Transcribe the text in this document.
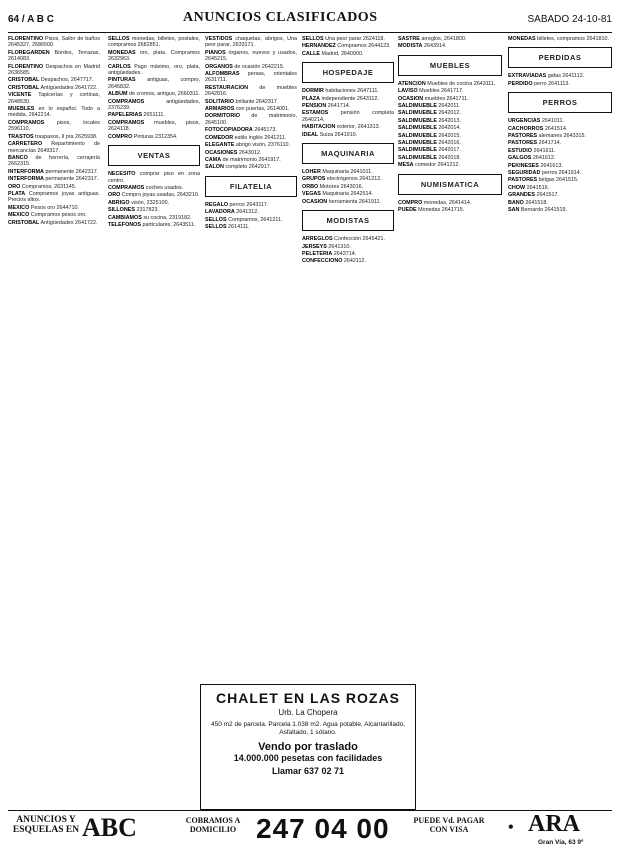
64 / A B C	ANUNCIOS CLASIFICADOS	SABADO 24-10-81

FLORENTINO Pisos, Salón de baños 2645327, 2686500.

FLOREGARDEN Bordes, Terrazas, 2614083.

FLORENTINO Despachos en Madrid 2636585.

CRISTOBAL Despachos, 2647717.

CRISTOBAL Antigüedades 2641722.

VICENTE Tapicerías y cortinas, 2648530.

MUEBLES en lo español. Todo a medida, 2642214.

COMPRAMOS pisos, locales 2596110.

TRASTOS traspasos, Il pra 2625938.

CARRETERO Repartimiento de mercancías 2649317.

BANCO de herrería, cerrajería 2662315.

INTERFORMA permanente 2642317.

INTERFORMA permanente 2642317.

ORO Compramos, 2631145.

PLATA Compramos joyas antiguas. Precios altos.

MEXICO Pesos oro 2644710.

MEXICO Compramos pesos oro.

CRISTOBAL Antigüedades 2641722.

SELLOS monedas, billetes, postales, compramos 2682851.

MONEDAS oro, plata. Compramos 2632963.

CARLOS Pago máximo, oro, plata, antigüedades.

PINTURAS antiguas, compro, 2645832.

ALBUM de cromos, antiguo, 2660311.

COMPRAMOS antigüedades, 2376239.

PAPELERIAS 2651111.

COMPRAMOS muebles, pisos, 2624118.

COMPRO Pinturas 2312354.

VENTAS

NECESITO comprar piso en zona centro.

COMPRAMOS coches usados.

ORO Compro joyas usadas, 2643210.

ABRIGO visón, 2325100.

SILLONES 2317823.

CAMBIAMOS su cocina, 2319182.

TELEFONOS particulares, 2643511.

VESTIDOS chaquetas, abrigos, Una peor parar, 2633171.

PIANOS órganos, nuevos y usados, 2645215.

ORGANOS de ocasión 2642215.

ALFOMBRAS persas, orientales 2631711.

RESTAURACION de muebles 2642816.

SOLITARIO brillante 2642317.

ARMARIOS con puertas, 2614001.

DORMITORIO de matrimonio, 2645100.

FOTOCOPIADORA 2645173.

COMEDOR estilo inglés 2641211.

ELEGANTE abrigo visón, 2376110.

OCASIONES 2643012.

CAMA de matrimonio 2641917.

SALON completo 2642917.

FILATELIA

REGALO perros 2643117.

LAVADORA 2641312.

SELLOS Compramos, 2641211.

SELLOS 2614111.

SELLOS Una peor parar 2624118.

HERNANDEZ Compramos 2644123.

CALLE Madrid, 2640900.

HOSPEDAJE

DORMIR habitaciones 2647111.

PLAZA independiente 2643112.

PENSION 2641714.

ESTAMOS pensión completa 2640214.

HABITACION exterior, 2641313.

IDEAL Suiza 2641910.

MAQUINARIA

LOHER Maquinaria 2641011.

GRUPOS electrógenos 2641212.

ORBO Motores 2643016.

VEGAS Maquinaria 2642514.

OCASION herramienta 2641911.

MODISTAS

ARREGLOS Confección 2645421.

JERSEYS 2641310.

PELETERIA 2643714.

CONFECCIONO 2642112.

SASTRE arreglos, 2641800.

MODISTA 2643914.

MUEBLES

ATENCION Muebles de cocina 2643111.

LAVISO Muebles 2641717.

OCASION muebles 2641711.

SALDIMUEBLE 2642011.

SALDIMUEBLE 2642012.

SALDIMUEBLE 2642013.

SALDIMUEBLE 2642014.

SALDIMUEBLE 2642015.

SALDIMUEBLE 2642016.

SALDIMUEBLE 2642017.

SALDIMUEBLE 2642018.

MESA comedor 2641212.

NUMISMATICA

COMPRO monedas, 2641414.

PUEDE Monedas 2641715.

MONEDAS billetes, compramos 2641810.

PERDIDAS

EXTRAVIADAS gafas 2641112.

PERDIDO perro 2641113.

PERROS

URGENCIAS 2641011.

CACHORROS 2641514.

PASTORES alemanes 2643315.

PASTORES 2641714.

ESTUDIO 2641611.

GALGOS 2641612.

PEKINESES 2641613.

SEGURIDAD perros 2641914.

PASTORES belgas 2641515.

CHOW 2641516.

GRANDES 2641517.

BANO 2641518.

SAN Bernardo 2641519.

CHALET EN LAS ROZAS
Urb. La Chopera
450 m2 de parcela. Parcela 1.038 m2. Agua potable, Alcantarillado, Asfaltado, 1 sótano.
Vendo por traslado
14.000.000 pesetas con facilidades
Llamar 637 02 71
ANUNCIOS Y ESQUELAS EN ABC	COBRAMOS A DOMICILIO 247 04 00	PUEDE Vd. PAGAR CON VISA	• ARA
Gran Vía, 63 9º
